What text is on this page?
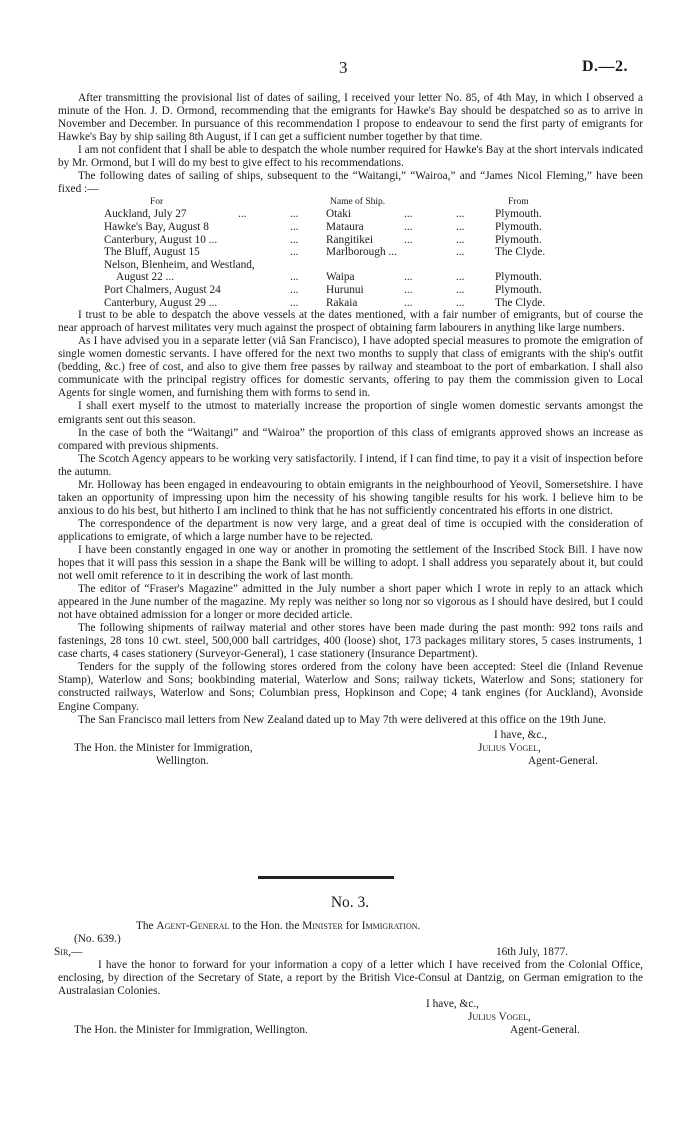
3	D.—2.

After transmitting the provisional list of dates of sailing, I received your letter No. 85, of 4th May, in which I observed a minute of the Hon. J. D. Ormond, recommending that the emigrants for Hawke's Bay should be despatched so as to arrive in November and December. In pursuance of this recommendation I propose to endeavour to send the first party of emigrants for Hawke's Bay by ship sailing 8th August, if I can get a sufficient number together by that time.

I am not confident that I shall be able to despatch the whole number required for Hawke's Bay at the short intervals indicated by Mr. Ormond, but I will do my best to give effect to his recommendations.

The following dates of sailing of ships, subsequent to the “Waitangi,” “Wairoa,” and “James Nicol Fleming,” have been fixed :—

For	Name of Ship.	From
Auckland, July 27	...	... Otaki	...	...	Plymouth.
Hawke's Bay, August 8	... Mataura	...	...	Plymouth.
Canterbury, August 10 ...	... Rangitikei	...	...	Plymouth.
The Bluff, August 15	... Marlborough ...	...	The Clyde.
Nelson, Blenheim, and Westland,
August 22 ...	... Waipa	...	...	Plymouth.
Port Chalmers, August 24	... Hurunui	...	...	Plymouth.
Canterbury, August 29 ...	... Rakaia	...	...	The Clyde.

I trust to be able to despatch the above vessels at the dates mentioned, with a fair number of emigrants, but of course the near approach of harvest militates very much against the prospect of obtaining farm labourers in anything like large numbers.

As I have advised you in a separate letter (viâ San Francisco), I have adopted special measures to promote the emigration of single women domestic servants. I have offered for the next two months to supply that class of emigrants with the ship's outfit (bedding, &c.) free of cost, and also to give them free passes by railway and steamboat to the port of embarkation. I shall also communicate with the principal registry offices for domestic servants, offering to pay them the commission given to Local Agents for single women, and furnishing them with forms to send in.

I shall exert myself to the utmost to materially increase the proportion of single women domestic servants amongst the emigrants sent out this season.

In the case of both the “Waitangi” and “Wairoa” the proportion of this class of emigrants approved shows an increase as compared with previous shipments.

The Scotch Agency appears to be working very satisfactorily. I intend, if I can find time, to pay it a visit of inspection before the autumn.

Mr. Holloway has been engaged in endeavouring to obtain emigrants in the neighbourhood of Yeovil, Somersetshire. I have taken an opportunity of impressing upon him the necessity of his showing tangible results for his work. I believe him to be anxious to do his best, but hitherto I am inclined to think that he has not sufficiently concentrated his efforts in one district.

The correspondence of the department is now very large, and a great deal of time is occupied with the consideration of applications to emigrate, of which a large number have to be rejected.

I have been constantly engaged in one way or another in promoting the settlement of the Inscribed Stock Bill. I have now hopes that it will pass this session in a shape the Bank will be willing to adopt. I shall address you separately about it, but could not well omit reference to it in describing the work of last month.

The editor of “Fraser's Magazine” admitted in the July number a short paper which I wrote in reply to an attack which appeared in the June number of the magazine. My reply was neither so long nor so vigorous as I should have desired, but I could not have obtained admission for a longer or more decided article.

The following shipments of railway material and other stores have been made during the past month: 992 tons rails and fastenings, 28 tons 10 cwt. steel, 500,000 ball cartridges, 400 (loose) shot, 173 packages military stores, 5 cases instruments, 1 case charts, 4 cases stationery (Surveyor-General), 1 case stationery (Insurance Department).

Tenders for the supply of the following stores ordered from the colony have been accepted: Steel die (Inland Revenue Stamp), Waterlow and Sons; bookbinding material, Waterlow and Sons; railway tickets, Waterlow and Sons; stationery for constructed railways, Waterlow and Sons; Columbian press, Hopkinson and Cope; 4 tank engines (for Auckland), Avonside Engine Company.

The San Francisco mail letters from New Zealand dated up to May 7th were delivered at this office on the 19th June.

I have, &c.,
Julius Vogel,
Agent-General.
The Hon. the Minister for Immigration,
Wellington.
No. 3.
The Agent-General to the Hon. the Minister for Immigration.
(No. 639.)
Sir,—	16th July, 1877.

I have the honor to forward for your information a copy of a letter which I have received from the Colonial Office, enclosing, by direction of the Secretary of State, a report by the British Vice-Consul at Dantzig, on German emigration to the Australasian Colonies.

I have, &c.,
Julius Vogel,
The Hon. the Minister for Immigration, Wellington.	Agent-General.
